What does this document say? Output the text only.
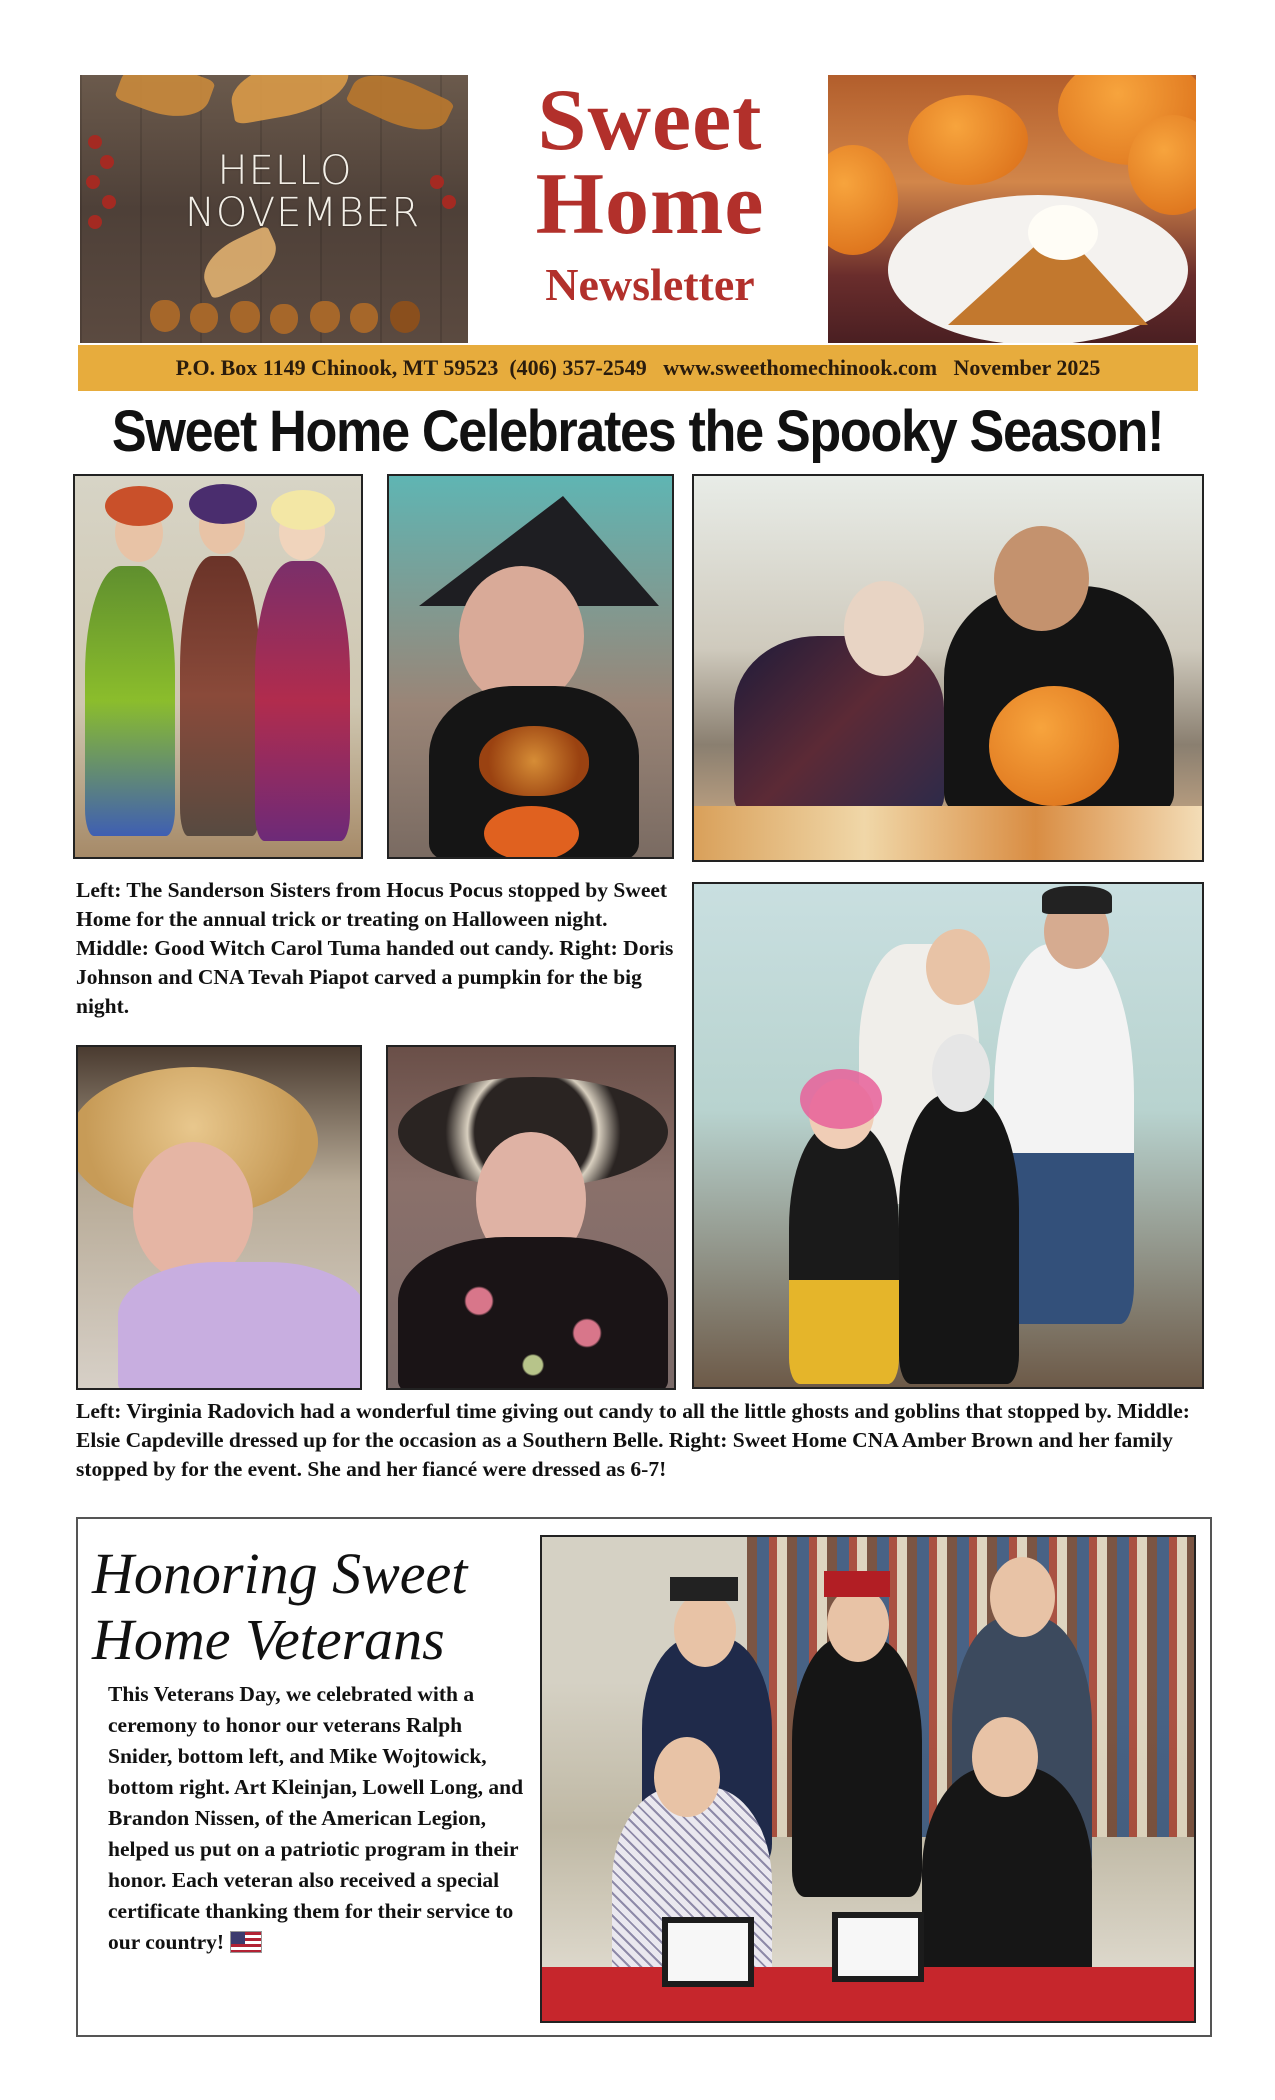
HELLO
NOVEMBER
Sweet
Home
Newsletter
P.O. Box 1149 Chinook, MT 59523  (406) 357-2549   www.sweethomechinook.com   November 2025
Sweet Home Celebrates the Spooky Season!
Left: The Sanderson Sisters from Hocus Pocus stopped by Sweet Home for the annual trick or treating on Halloween night. Middle: Good Witch Carol Tuma handed out candy. Right: Doris Johnson and CNA Tevah Piapot carved a pumpkin for the big night.
Left: Virginia Radovich had a wonderful time giving out candy to all the little ghosts and goblins that stopped by. Middle: Elsie Capdeville dressed up for the occasion as a Southern Belle. Right: Sweet Home CNA Amber Brown and her family stopped by for the event. She and her fiancé were dressed as 6-7!
Honoring Sweet Home Veterans
This Veterans Day, we celebrated with a ceremony to honor our veterans Ralph Snider, bottom left, and Mike Wojtowick, bottom right. Art Kleinjan, Lowell Long, and Brandon Nissen, of the American Legion, helped us put on a patriotic program in their honor. Each veteran also received a special certificate thanking them for their service to our country!
